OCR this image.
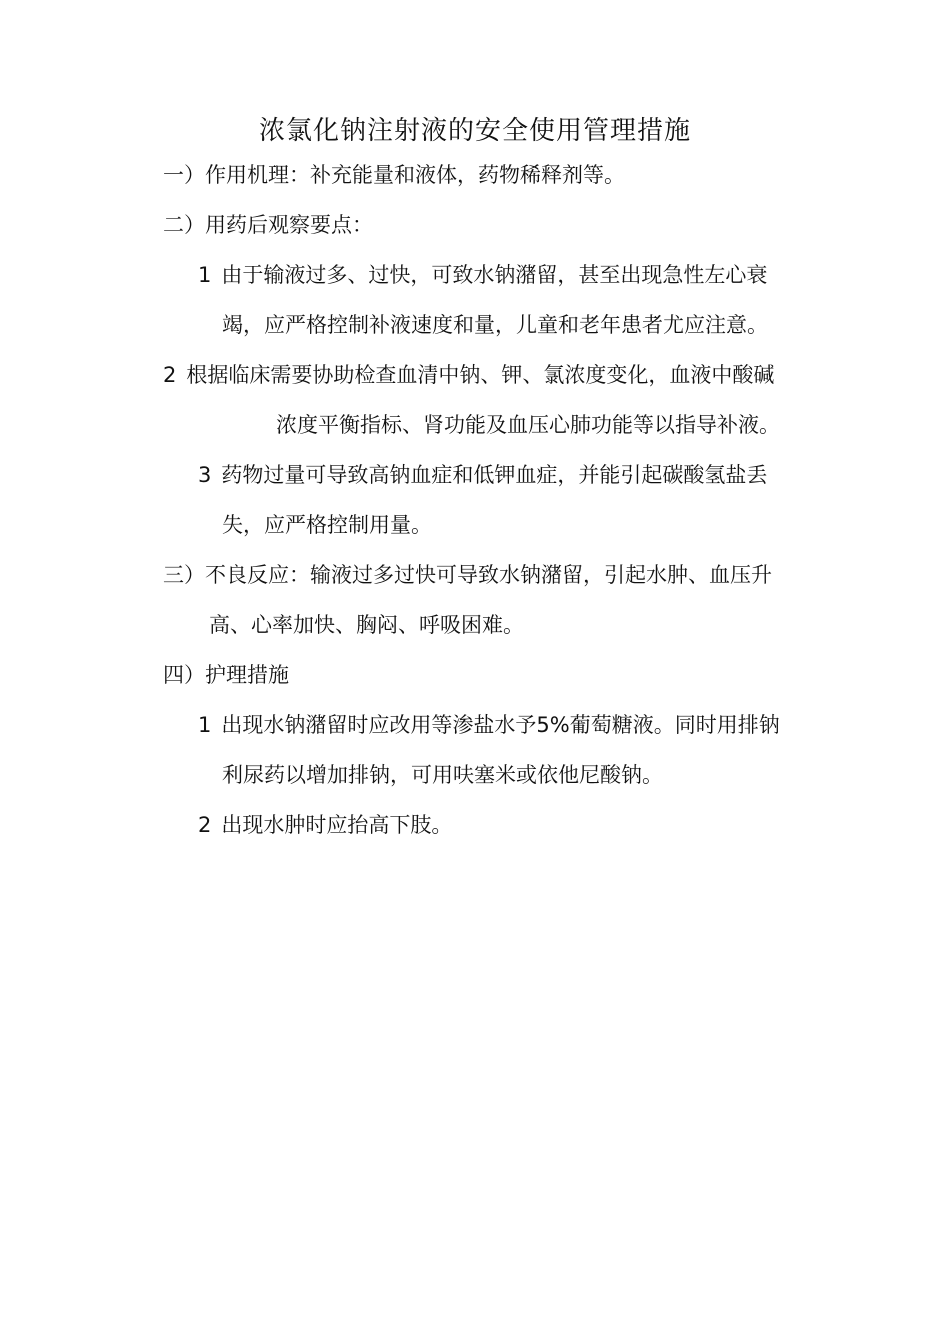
浓氯化钠注射液的安全使用管理措施
一）作用机理：补充能量和液体，药物稀释剂等。
二）用药后观察要点：
1 由于输液过多、过快，可致水钠潴留，甚至出现急性左心衰
竭，应严格控制补液速度和量，儿童和老年患者尤应注意。
2 根据临床需要协助检查血清中钠、钾、氯浓度变化，血液中酸碱
浓度平衡指标、肾功能及血压心肺功能等以指导补液。
3 药物过量可导致高钠血症和低钾血症，并能引起碳酸氢盐丢
失，应严格控制用量。
三）不良反应：输液过多过快可导致水钠潴留，引起水肿、血压升
高、心率加快、胸闷、呼吸困难。
四）护理措施
1 出现水钠潴留时应改用等渗盐水予5%葡萄糖液。同时用排钠
利尿药以增加排钠，可用呋塞米或依他尼酸钠。
2 出现水肿时应抬高下肢。
